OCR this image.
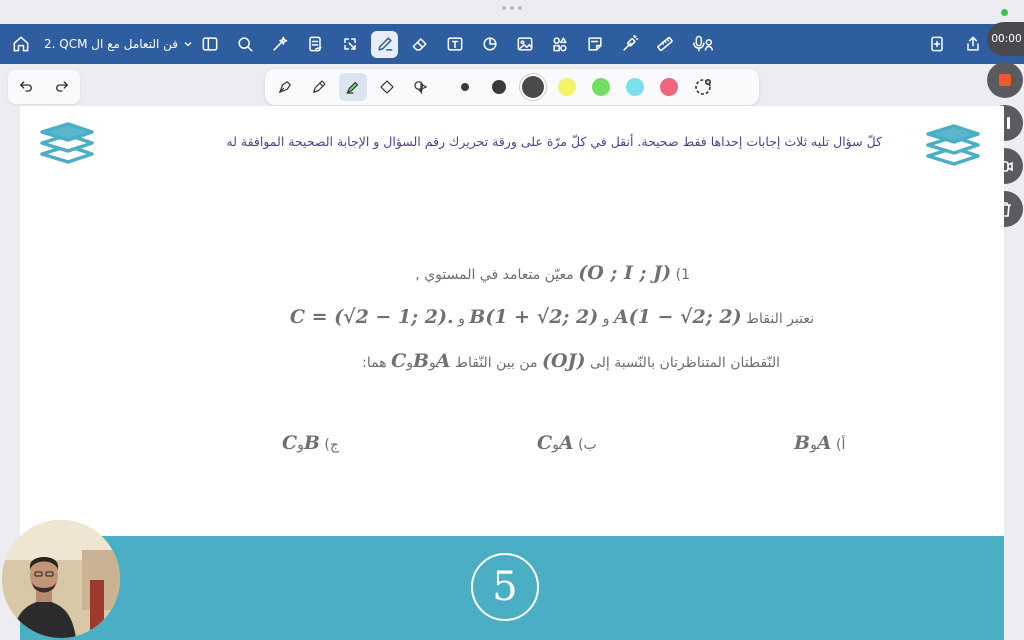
2. QCM فن التعامل مع ال	00:00
كلّ سؤال تليه ثلاث إجابات إحداها فقط صحيحة. أنقل في كلّ مرّة على ورقة تحريرك رقم السؤال و الإجابة الصحيحة الموافقة له
1) (O ; I ; J) معيّن متعامد في المستوي ,
نعتبر النقاط A(1 − √2; 2) و B(1 + √2; 2) و C = (√2 − 1; 2).
النّقطتان المتناظرتان بالنّسبة إلى (OJ) من بين النّقاط AوBوC هما:
أ) AوB
ب) AوC
ج) BوC
5
